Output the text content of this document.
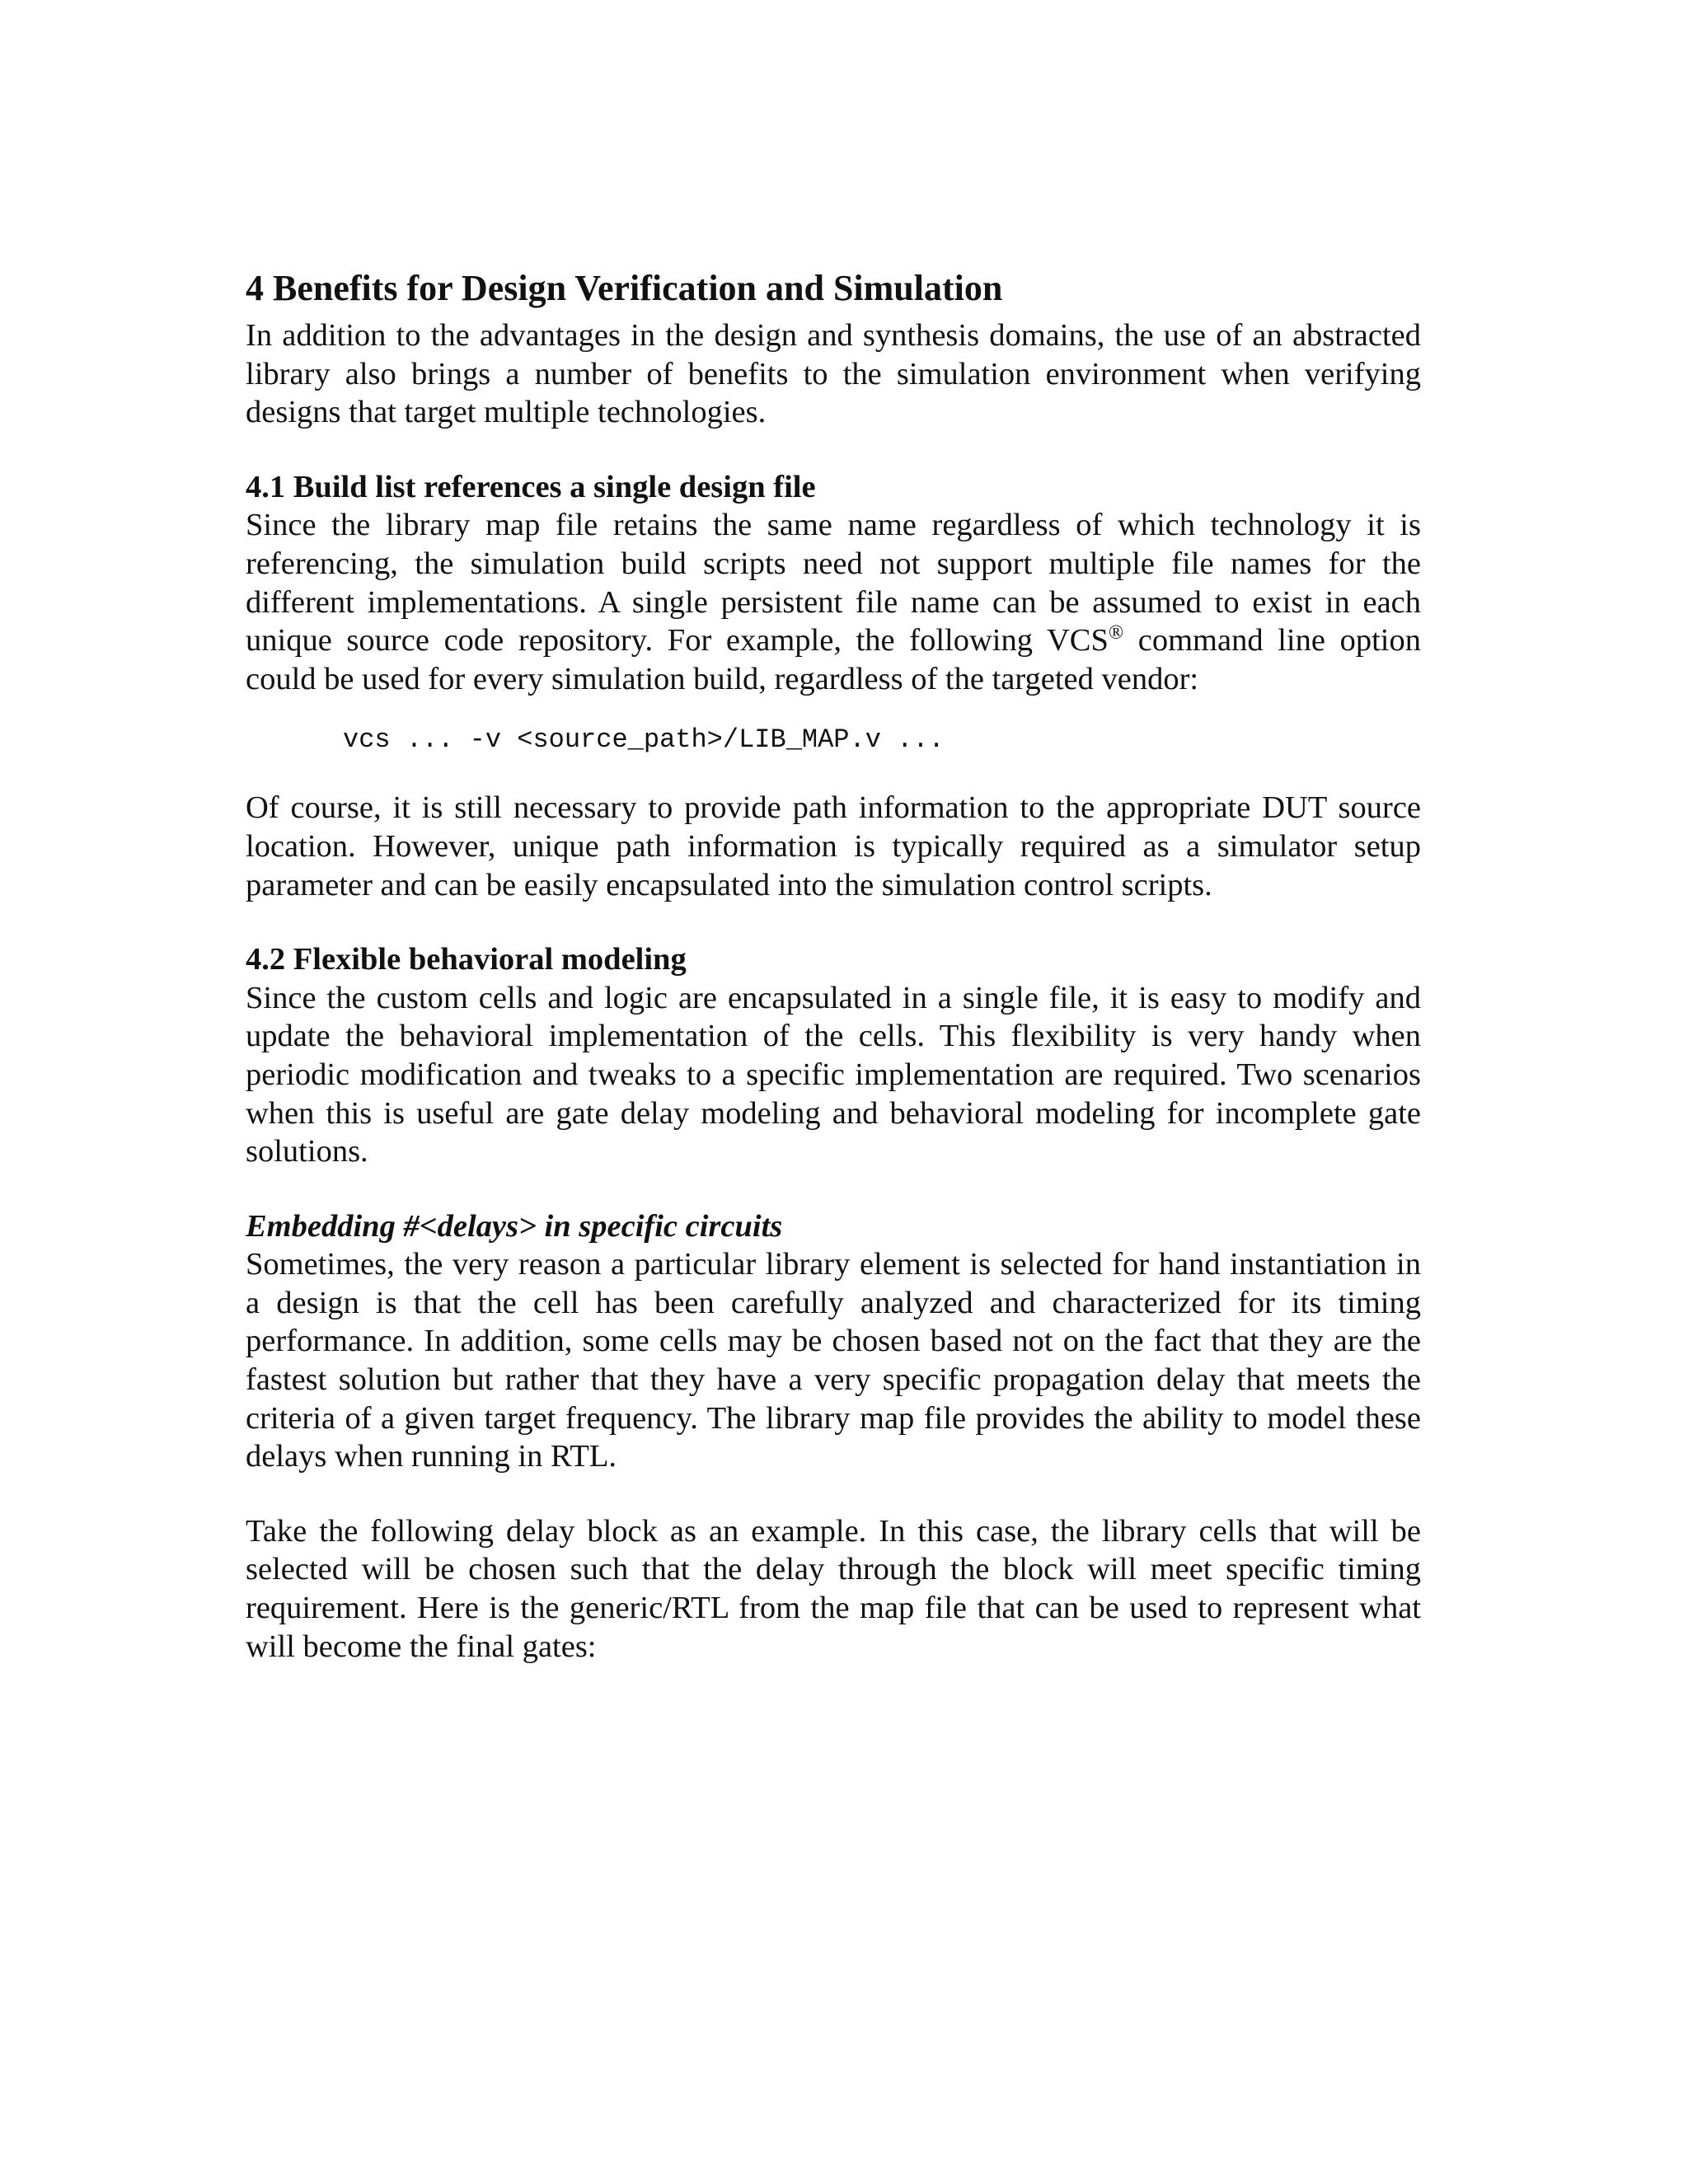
4 Benefits for Design Verification and Simulation

In addition to the advantages in the design and synthesis domains, the use of an abstracted library also brings a number of benefits to the simulation environment when verifying designs that target multiple technologies.

4.1 Build list references a single design file

Since the library map file retains the same name regardless of which technology it is referencing, the simulation build scripts need not support multiple file names for the different implementations. A single persistent file name can be assumed to exist in each unique source code repository. For example, the following VCS® command line option could be used for every simulation build, regardless of the targeted vendor:

vcs ... -v <source_path>/LIB_MAP.v ...

Of course, it is still necessary to provide path information to the appropriate DUT source location. However, unique path information is typically required as a simulator setup parameter and can be easily encapsulated into the simulation control scripts.

4.2 Flexible behavioral modeling

Since the custom cells and logic are encapsulated in a single file, it is easy to modify and update the behavioral implementation of the cells. This flexibility is very handy when periodic modification and tweaks to a specific implementation are required. Two scenarios when this is useful are gate delay modeling and behavioral modeling for incomplete gate solutions.

Embedding #<delays> in specific circuits

Sometimes, the very reason a particular library element is selected for hand instantiation in a design is that the cell has been carefully analyzed and characterized for its timing performance. In addition, some cells may be chosen based not on the fact that they are the fastest solution but rather that they have a very specific propagation delay that meets the criteria of a given target frequency. The library map file provides the ability to model these delays when running in RTL.

Take the following delay block as an example. In this case, the library cells that will be selected will be chosen such that the delay through the block will meet specific timing requirement. Here is the generic/RTL from the map file that can be used to represent what will become the final gates:
